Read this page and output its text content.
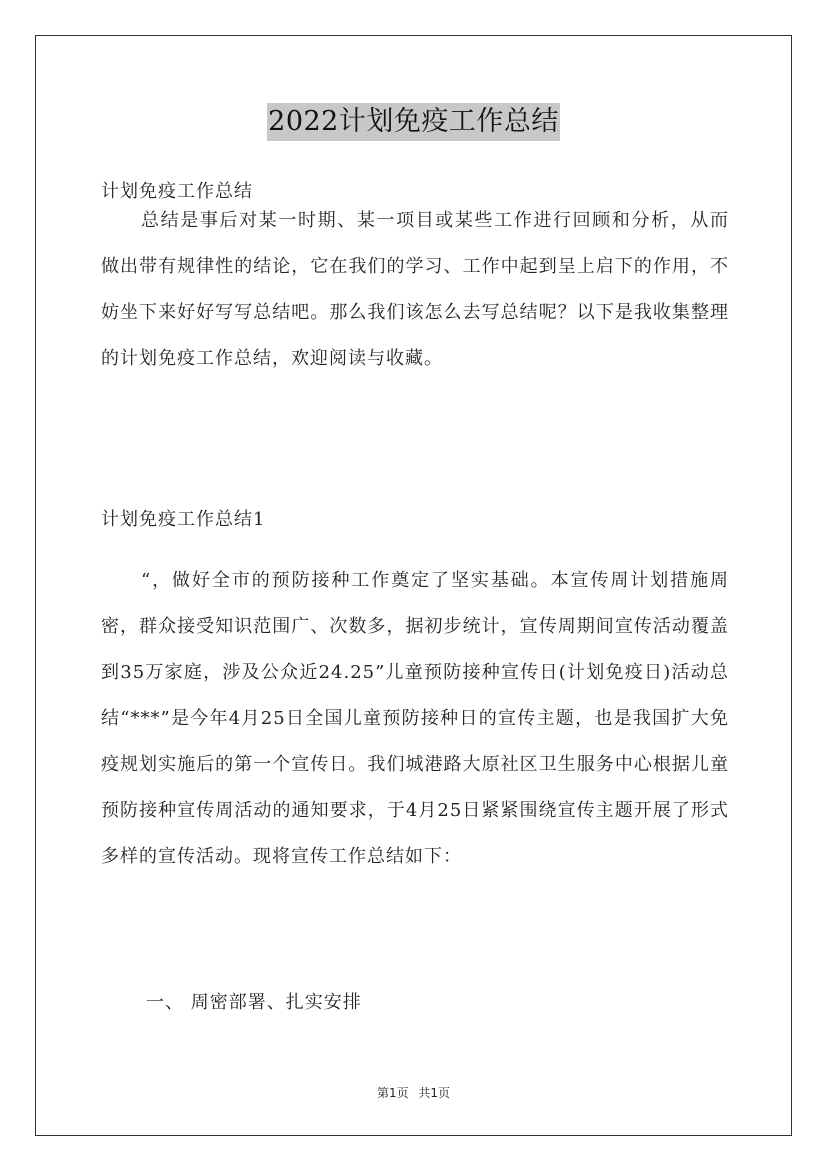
2022计划免疫工作总结
计划免疫工作总结

总结是事后对某一时期、某一项目或某些工作进行回顾和分析，从而做出带有规律性的结论，它在我们的学习、工作中起到呈上启下的作用，不妨坐下来好好写写总结吧。那么我们该怎么去写总结呢？以下是我收集整理的计划免疫工作总结，欢迎阅读与收藏。

计划免疫工作总结1

“，做好全市的预防接种工作奠定了坚实基础。本宣传周计划措施周密，群众接受知识范围广、次数多，据初步统计，宣传周期间宣传活动覆盖到35万家庭，涉及公众近24.25”儿童预防接种宣传日(计划免疫日)活动总结“***”是今年4月25日全国儿童预防接种日的宣传主题，也是我国扩大免疫规划实施后的第一个宣传日。我们城港路大原社区卫生服务中心根据儿童预防接种宣传周活动的通知要求，于4月25日紧紧围绕宣传主题开展了形式多样的宣传活动。现将宣传工作总结如下：

一、 周密部署、扎实安排
第1页 共1页
